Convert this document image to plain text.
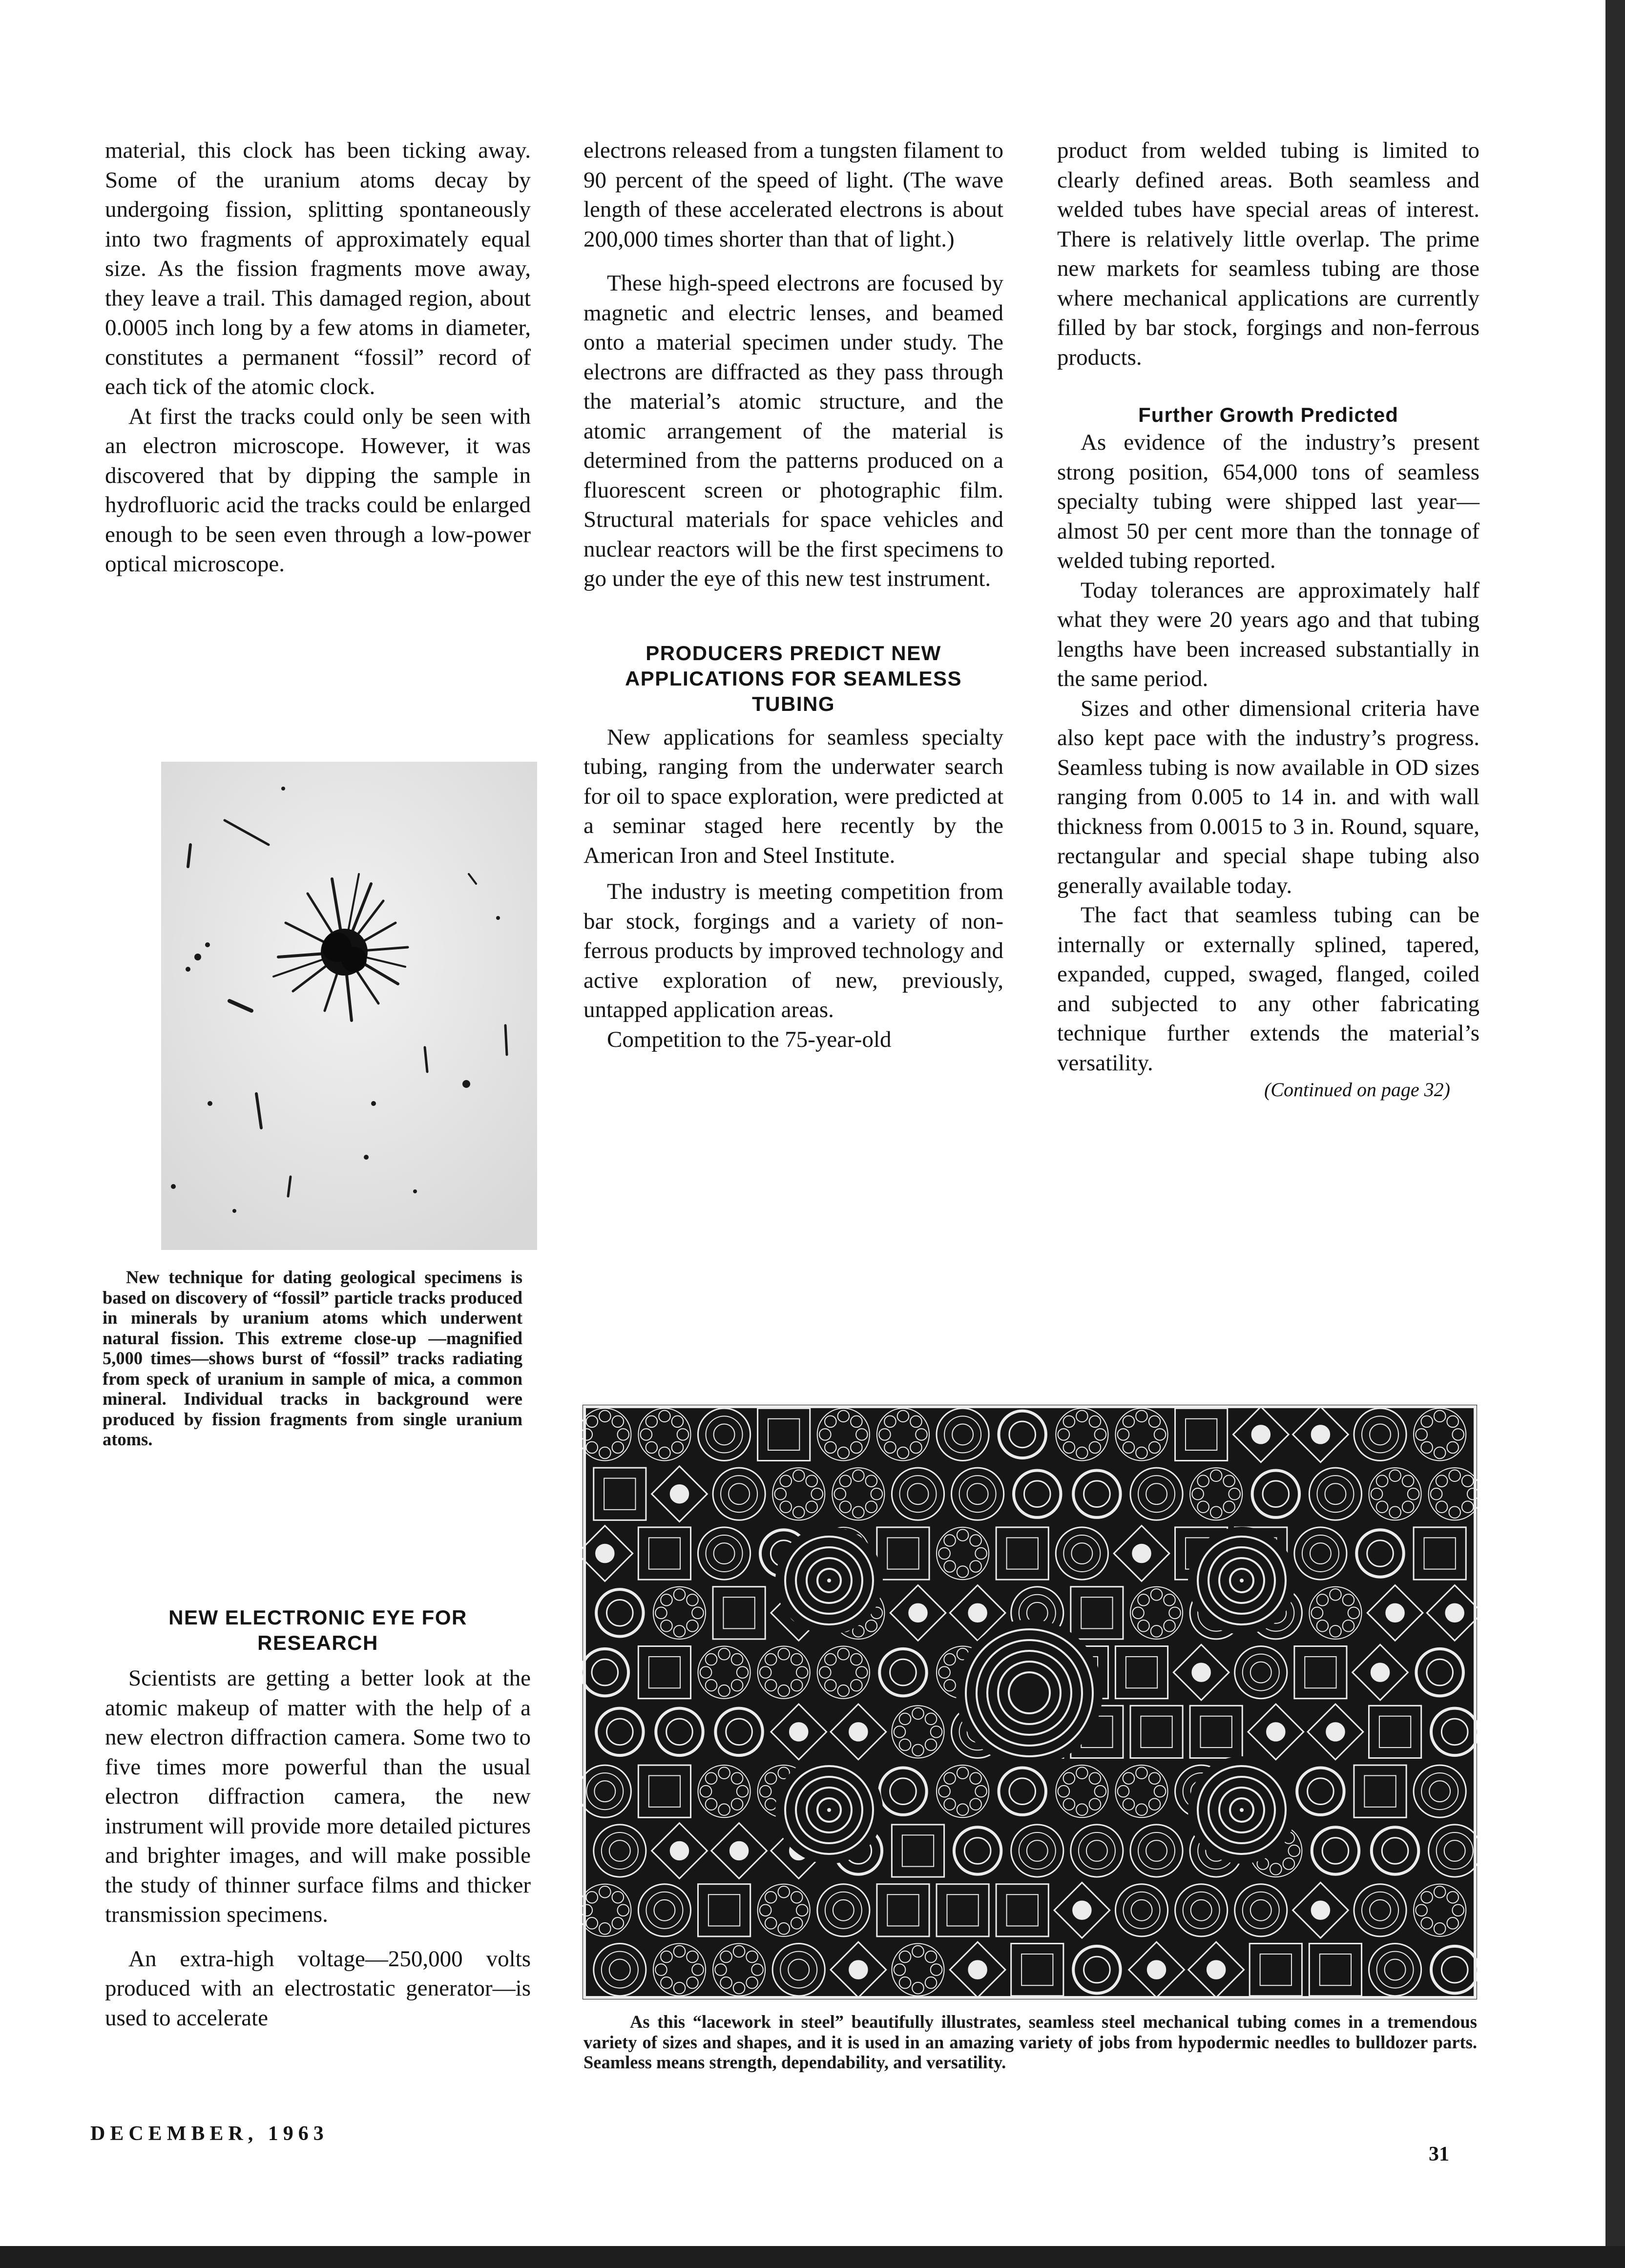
material, this clock has been ticking away. Some of the uranium atoms decay by undergoing fission, splitting spontaneously into two fragments of approximately equal size. As the fission fragments move away, they leave a trail. This damaged region, about 0.0005 inch long by a few atoms in diameter, constitutes a permanent “fossil” record of each tick of the atomic clock.

At first the tracks could only be seen with an electron microscope. However, it was discovered that by dipping the sample in hydrofluoric acid the tracks could be enlarged enough to be seen even through a low-power optical microscope.

New technique for dating geological specimens is based on discovery of “fossil” particle tracks produced in minerals by uranium atoms which underwent natural fission. This extreme close-up —magnified 5,000 times—shows burst of “fossil” tracks radiating from speck of uranium in sample of mica, a common mineral. Individual tracks in background were produced by fission fragments from single uranium atoms.

NEW ELECTRONIC EYE FOR RESEARCH

Scientists are getting a better look at the atomic makeup of matter with the help of a new electron diffraction camera. Some two to five times more powerful than the usual electron diffraction camera, the new instrument will provide more detailed pictures and brighter images, and will make possible the study of thinner surface films and thicker transmission specimens.

An extra-high voltage—250,000 volts produced with an electrostatic generator—is used to accelerate

electrons released from a tungsten filament to 90 percent of the speed of light. (The wave length of these accelerated electrons is about 200,000 times shorter than that of light.)

These high-speed electrons are focused by magnetic and electric lenses, and beamed onto a material specimen under study. The electrons are diffracted as they pass through the material’s atomic structure, and the atomic arrangement of the material is determined from the patterns produced on a fluorescent screen or photographic film. Structural materials for space vehicles and nuclear reactors will be the first specimens to go under the eye of this new test instrument.

PRODUCERS PREDICT NEW APPLICATIONS FOR SEAMLESS TUBING

New applications for seamless specialty tubing, ranging from the underwater search for oil to space exploration, were predicted at a seminar staged here recently by the American Iron and Steel Institute.

The industry is meeting competition from bar stock, forgings and a variety of non-ferrous products by improved technology and active exploration of new, previously, untapped application areas.

Competition to the 75-year-old

product from welded tubing is limited to clearly defined areas. Both seamless and welded tubes have special areas of interest. There is relatively little overlap. The prime new markets for seamless tubing are those where mechanical applications are currently filled by bar stock, forgings and non-ferrous products.

Further Growth Predicted

As evidence of the industry’s present strong position, 654,000 tons of seamless specialty tubing were shipped last year—almost 50 per cent more than the tonnage of welded tubing reported.

Today tolerances are approximately half what they were 20 years ago and that tubing lengths have been increased substantially in the same period.

Sizes and other dimensional criteria have also kept pace with the industry’s progress. Seamless tubing is now available in OD sizes ranging from 0.005 to 14 in. and with wall thickness from 0.0015 to 3 in. Round, square, rectangular and special shape tubing also generally available today.

The fact that seamless tubing can be internally or externally splined, tapered, expanded, cupped, swaged, flanged, coiled and subjected to any other fabricating technique further extends the material’s versatility.

(Continued on page 32)

As this “lacework in steel” beautifully illustrates, seamless steel mechanical tubing comes in a tremendous variety of sizes and shapes, and it is used in an amazing variety of jobs from hypodermic needles to bulldozer parts. Seamless means strength, dependability, and versatility.

DECEMBER, 1963
31
